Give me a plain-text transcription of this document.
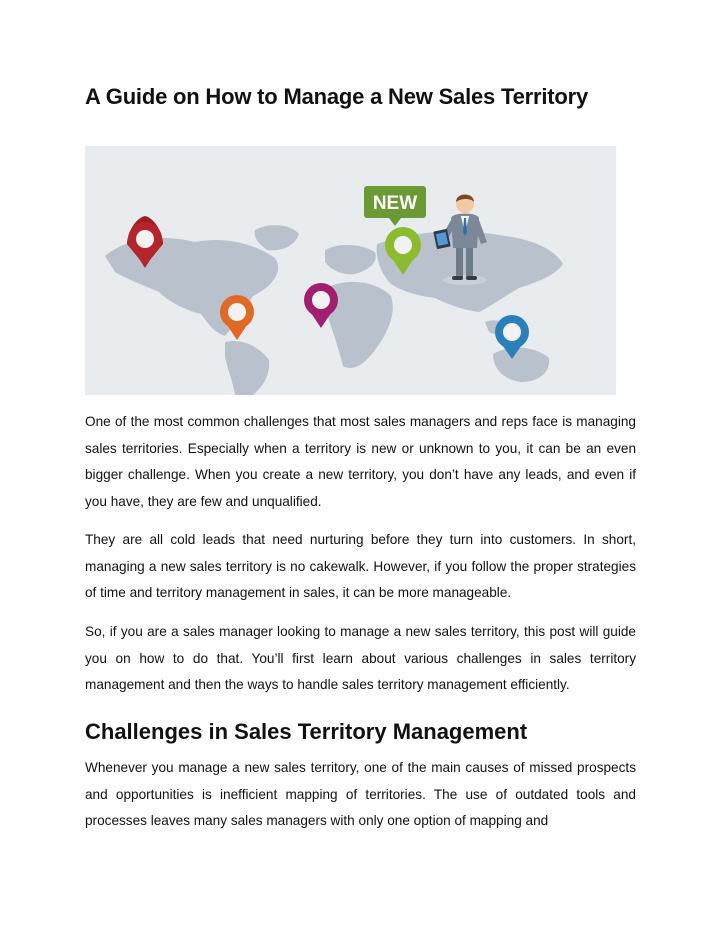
A Guide on How to Manage a New Sales Territory
NEW

One of the most common challenges that most sales managers and reps face is managing sales territories. Especially when a territory is new or unknown to you, it can be an even bigger challenge. When you create a new territory, you don’t have any leads, and even if you have, they are few and unqualified.

They are all cold leads that need nurturing before they turn into customers. In short, managing a new sales territory is no cakewalk. However, if you follow the proper strategies of time and territory management in sales, it can be more manageable.

So, if you are a sales manager looking to manage a new sales territory, this post will guide you on how to do that. You’ll first learn about various challenges in sales territory management and then the ways to handle sales territory management efficiently.

Challenges in Sales Territory Management

Whenever you manage a new sales territory, one of the main causes of missed prospects and opportunities is inefficient mapping of territories. The use of outdated tools and processes leaves many sales managers with only one option of mapping and
